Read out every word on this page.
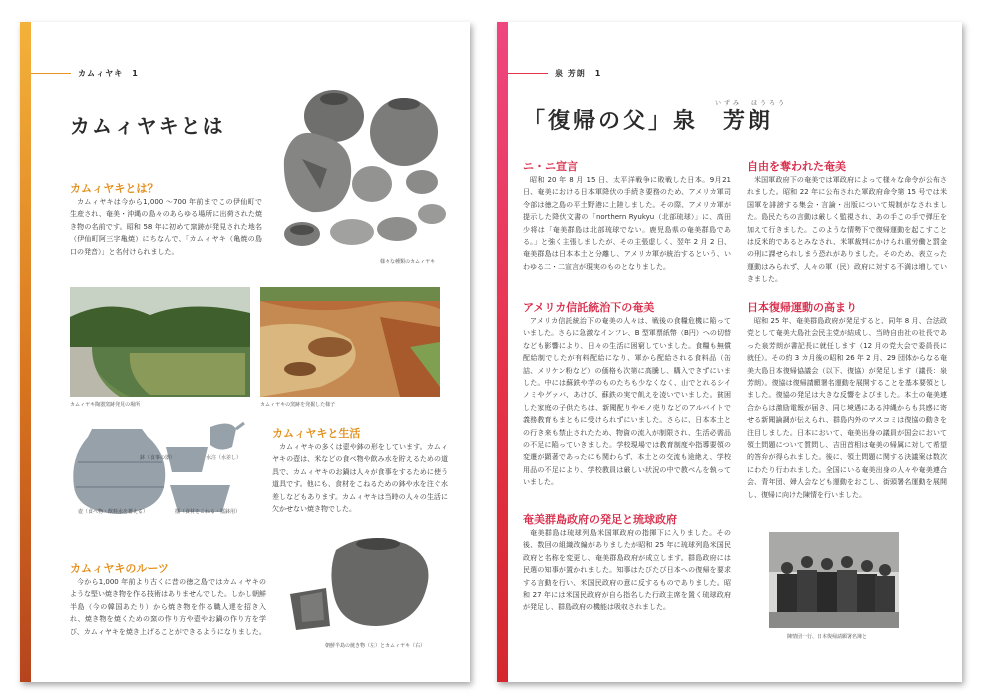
カムィヤキ　1
カムィヤキとは
カムィヤキとは？
カムィヤキは今から1,000 〜700 年前までこの伊仙町で生産され、奄美・沖縄の島々のあらゆる場所に出荷された焼き物の名前です。昭和 58 年に初めて窯跡が発見された地名（伊仙町阿三字亀焼）にちなんで、「カムィヤキ（亀焼の島口の発音）」と名付けられました。
様々な種類のカムィヤキ
カムィヤキ陶器窯跡発見の場所	カムィヤキの窯跡を発掘した様子
鉢（食事の器）	水注（水差し）
壺（食べ物・飲料水を蓄える）	擂（食材をこねる・擂鉢用）
カムィヤキと生活
カムィヤキの多くは壺や鉢の形をしています。カムィヤキの壺は、米などの食べ物や飲み水を貯えるための道具で、カムィヤキのお鍋は人々が食事をするために使う道具です。他にも、食材をこねるための鉢や水を注ぐ水差しなどもあります。カムィヤキは当時の人々の生活に欠かせない焼き物でした。
カムィヤキのルーツ
今から1,000 年前より古くに昔の徳之島ではカムィヤキのような堅い焼き物を作る技術はありませんでした。しかし朝鮮半島（今の韓国あたり）から焼き物を作る職人達を招き入れ、焼き物を焼くための窯の作り方や壺やお鍋の作り方を学び、カムィヤキを焼き上げることができるようになりました。
朝鮮半島の焼き物（左）とカムィヤキ（右）
泉 芳朗　1
いずみ　ほうろう
「復帰の父」泉　芳朗
ニ・ニ宣言
昭和 20 年 8 月 15 日、太平洋戦争に敗戦した日本。9月21 日、奄美における日本軍降伏の手続き要務のため、アメリカ軍司令部は徳之島の平土野港に上陸しました。その際、アメリカ軍が提示した降伏文書の「northern Ryukyu（北部琉球）」に、高田少将は「奄美群島は北部琉球でない。鹿児島県の奄美群島である。」と強く主張しましたが、その主張虚しく、翌年 2 月 2 日、奄美群島は日本本土と分離し、アメリカ軍が統治するという、いわゆる二・二宣言が現実のものとなりました。
アメリカ信託統治下の奄美
アメリカ信託統治下の奄美の人々は、戦後の食糧危機に陥っていました。さらに急激なインフレ、B 型軍票紙幣（B円）への切替なども影響により、日々の生活に困窮していました。食糧も無償配給制でしたが有料配給になり、軍から配給される食料品（缶詰、メリケン粉など）の価格も次第に高騰し、購入できずにいました。中には蘇鉄や芋のものたちも少なくなく、山でとれるシイノミやグァバ、あけび、蘇鉄の実で飢えを凌いでいました。貧困した家庭の子供たちは、新聞配りやモノ売りなどのアルバイトで義務教育もまともに受けられずにいました。さらに、日本本土との行き来も禁止されたため、物資の流入が制限され、生活必需品の不足に陥っていきました。学校現場では教育制度や指導要領の変遷が顕著であったにも関わらず、本土との交流も途絶え、学校用品の不足により、学校教員は厳しい状況の中で教べんを執っていました。
奄美群島政府の発足と琉球政府
奄美群島は琉球列島米国軍政府の指揮下に入りました。その後、数回の組織改編がありましたが昭和 25 年に琉球列島米国民政府と名称を変更し、奄美群島政府が成立します。群島政府には民選の知事が置かれました。知事はたびたび日本への復帰を要求する言動を行い、米国民政府の意に反するものでありました。昭和 27 年には米国民政府が自ら指名した行政主席を置く琉球政府が発足し、群島政府の機能は吸収されました。
自由を奪われた奄美
米国軍政府下の奄美では軍政府によって様々な命令が公布されました。昭和 22 年に公布された軍政府命令第 15 号では米国軍を誹謗する集会・言論・出版について規制がなされました。島民たちの言動は厳しく監視され、あの手この手で弾圧を加えて行きました。このような情勢下で復帰運動を起こすことは反米的であるとみなされ、米軍裁判にかけられ重労働と罰金の刑に課せられしまう恐れがありました。そのため、表立った運動はみられず、人々の軍（民）政府に対する不満は増していきました。
日本復帰運動の高まり
昭和 25 年、奄美群島政府が発足すると、同年 8 月、合法政党として奄美大島社会民主党が結成し、当時自由社の社長であった泉芳朗が書記長に就任します（12 月の党大会で委員長に就任）。その約 3 カ月後の昭和 26 年 2 月、29 団体からなる奄美大島日本復帰協議会（以下、復協）が発足します（議長：泉芳朗）。復協は復帰請願署名運動を展開することを基本要領としました。復協の発足は大きな反響をよびました。本土の奄美連合からは激励電報が届き、同じ境遇にある沖縄からも共感に寄せる新聞論調が伝えられ、群島内外のマスコミは復協の動きを注目しました。日本において、奄美出身の議員が国会において領土問題について質問し、吉田首相は奄美の帰属に対して希望的答弁が得られました。後に、領土問題に関する決議案は数次にわたり行われました。全国にいる奄美出身の人々や奄美連合会、青年団、婦人会なども運動をおこし、街頭署名運動を展開し、復帰に向けた陳情を行いました。
陳情団一行、日本復帰請願署名簿と
